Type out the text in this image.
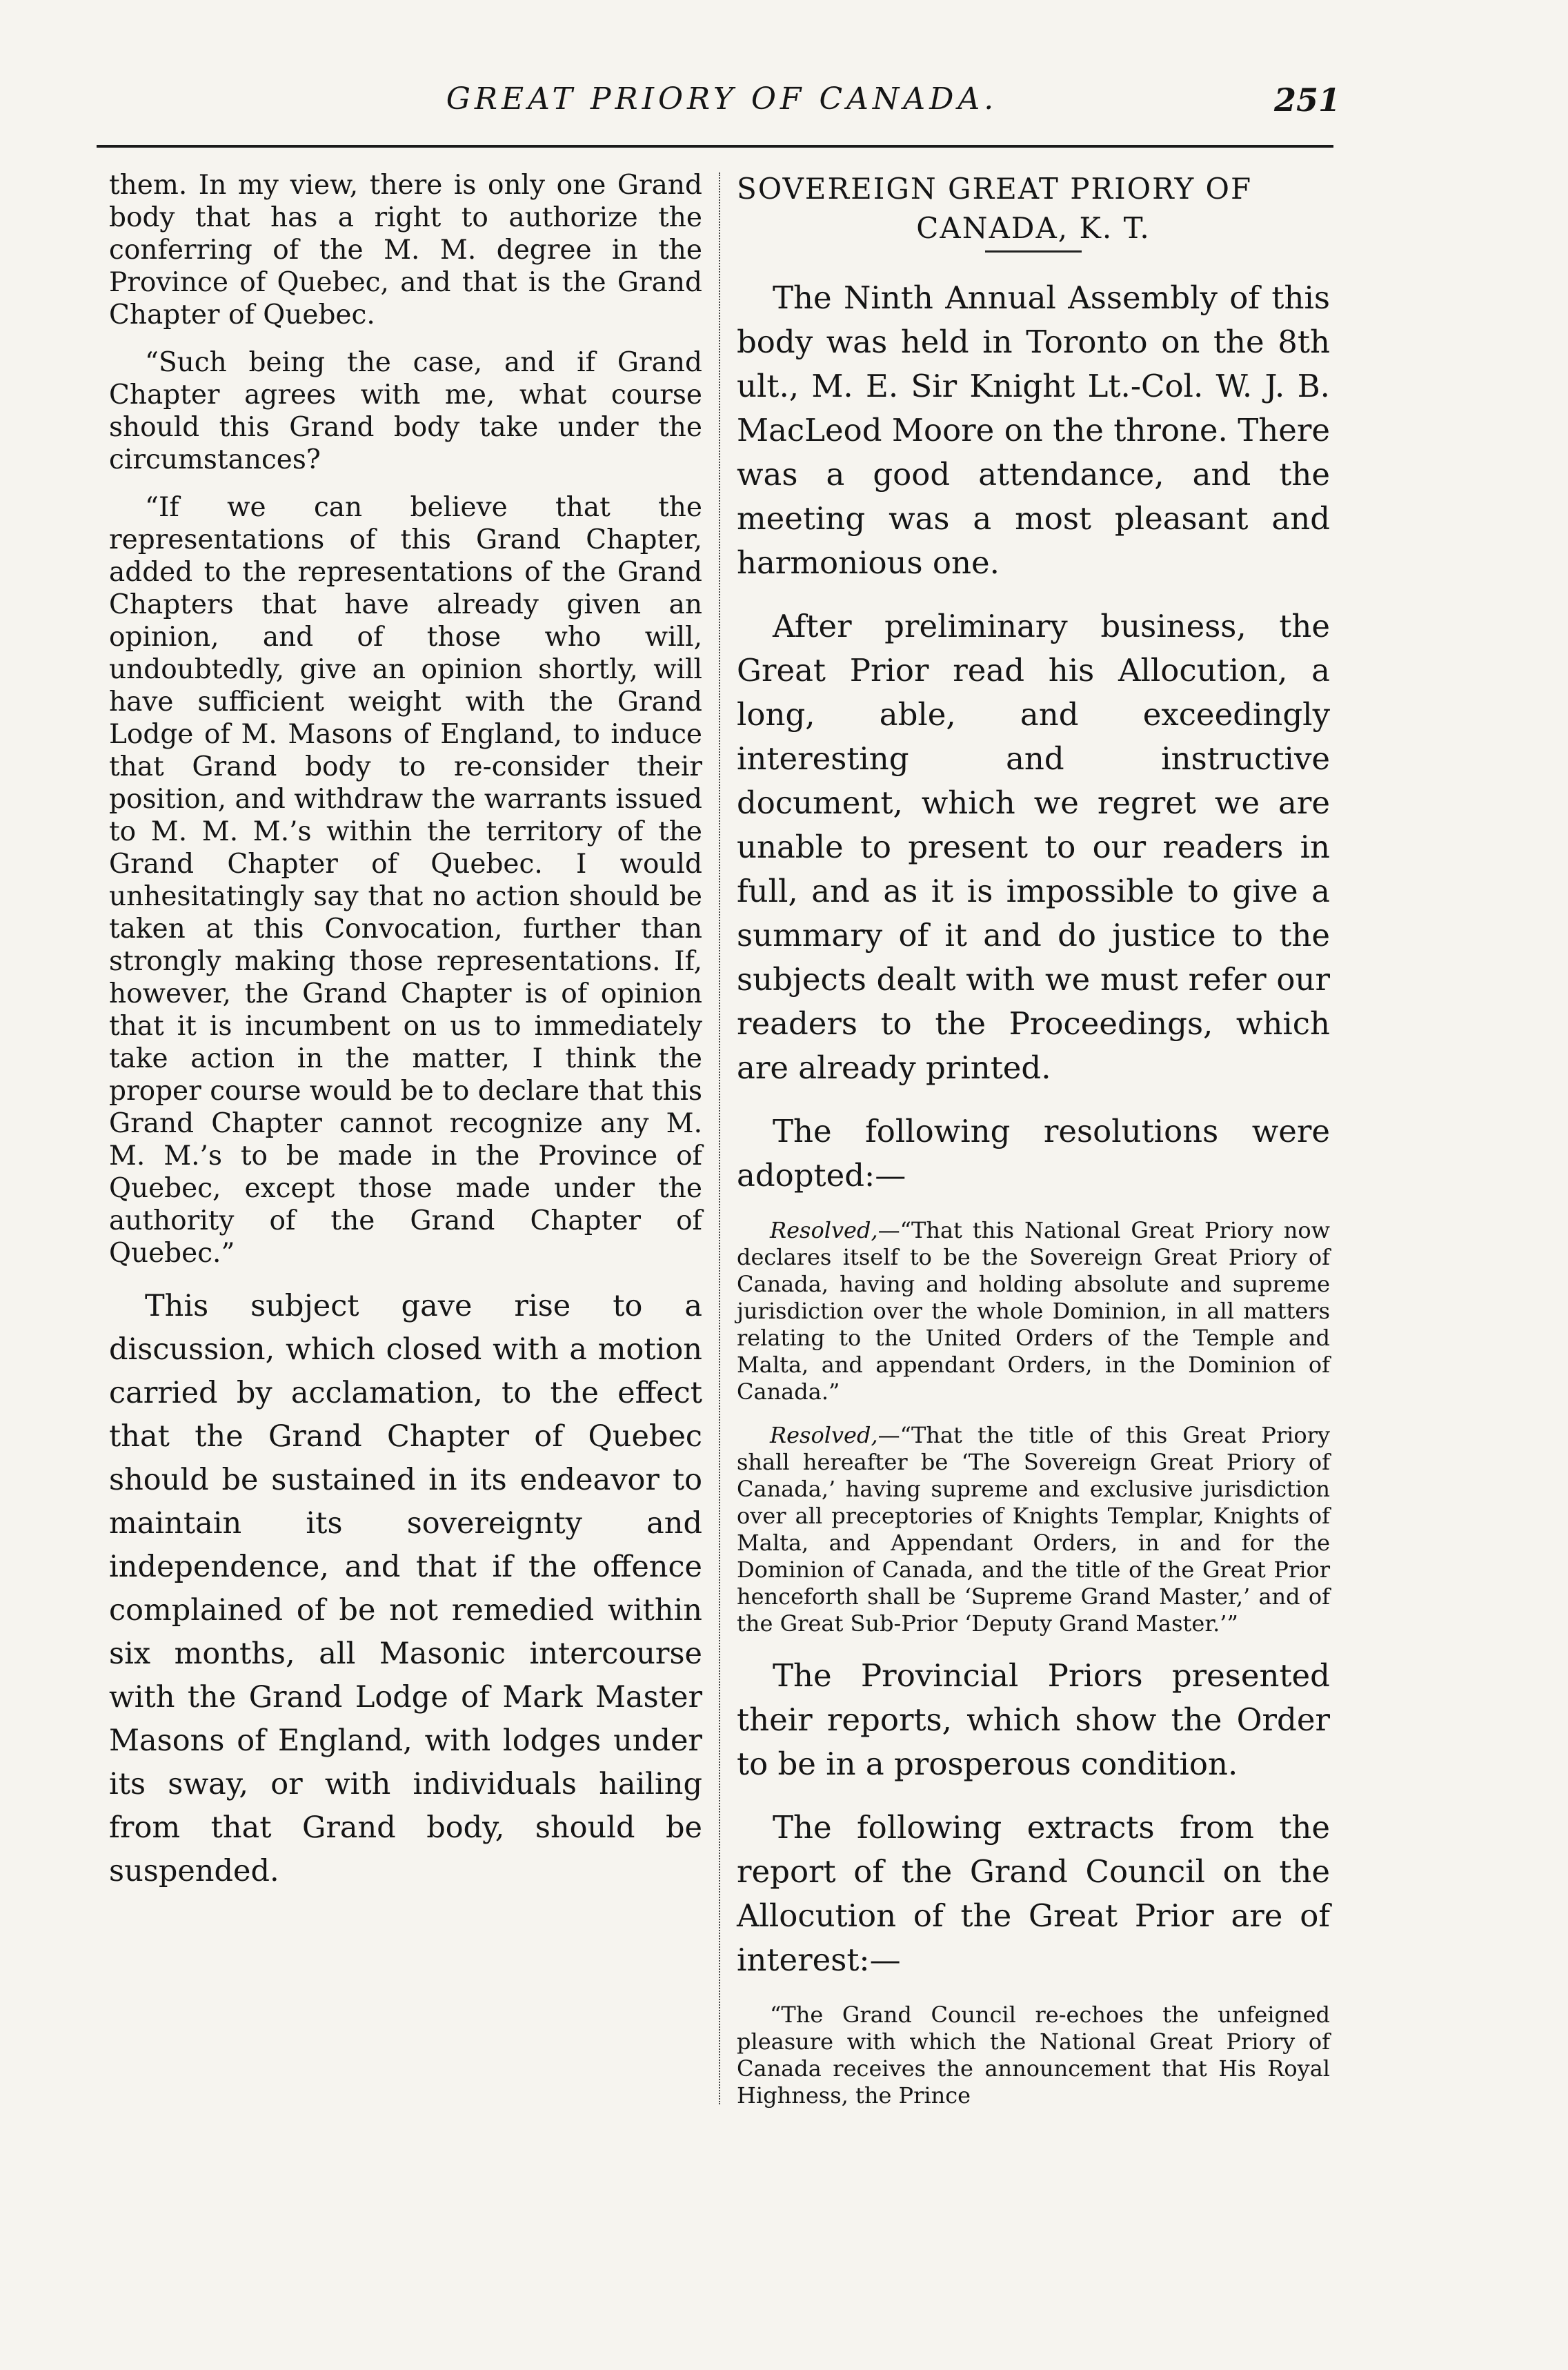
GREAT PRIORY OF CANADA.	251

them. In my view, there is only one Grand body that has a right to authorize the conferring of the M. M. degree in the Province of Quebec, and that is the Grand Chapter of Quebec.

“Such being the case, and if Grand Chapter agrees with me, what course should this Grand body take under the circumstances?

“If we can believe that the representations of this Grand Chapter, added to the representations of the Grand Chapters that have already given an opinion, and of those who will, undoubtedly, give an opinion shortly, will have sufficient weight with the Grand Lodge of M. Masons of England, to induce that Grand body to re-consider their position, and withdraw the warrants issued to M. M. M.’s within the territory of the Grand Chapter of Quebec. I would unhesitatingly say that no action should be taken at this Convocation, further than strongly making those representations. If, however, the Grand Chapter is of opinion that it is incumbent on us to immediately take action in the matter, I think the proper course would be to declare that this Grand Chapter cannot recognize any M. M. M.’s to be made in the Province of Quebec, except those made under the authority of the Grand Chapter of Quebec.”

This subject gave rise to a discussion, which closed with a motion carried by acclamation, to the effect that the Grand Chapter of Quebec should be sustained in its endeavor to maintain its sovereignty and independence, and that if the offence complained of be not remedied within six months, all Masonic intercourse with the Grand Lodge of Mark Master Masons of England, with lodges under its sway, or with individuals hailing from that Grand body, should be suspended.

SOVEREIGN GREAT PRIORY OF
CANADA, K. T.

The Ninth Annual Assembly of this body was held in Toronto on the 8th ult., M. E. Sir Knight Lt.-Col. W. J. B. MacLeod Moore on the throne. There was a good attendance, and the meeting was a most pleasant and harmonious one.

After preliminary business, the Great Prior read his Allocution, a long, able, and exceedingly interesting and instructive document, which we regret we are unable to present to our readers in full, and as it is impossible to give a summary of it and do justice to the subjects dealt with we must refer our readers to the Proceedings, which are already printed.

The following resolutions were adopted:—

Resolved,—“That this National Great Priory now declares itself to be the Sovereign Great Priory of Canada, having and holding absolute and supreme jurisdiction over the whole Dominion, in all matters relating to the United Orders of the Temple and Malta, and appendant Orders, in the Dominion of Canada.”

Resolved,—“That the title of this Great Priory shall hereafter be ‘The Sovereign Great Priory of Canada,’ having supreme and exclusive jurisdiction over all preceptories of Knights Templar, Knights of Malta, and Appendant Orders, in and for the Dominion of Canada, and the title of the Great Prior henceforth shall be ‘Supreme Grand Master,’ and of the Great Sub-Prior ‘Deputy Grand Master.’”

The Provincial Priors presented their reports, which show the Order to be in a prosperous condition.

The following extracts from the report of the Grand Council on the Allocution of the Great Prior are of interest:—

“The Grand Council re-echoes the unfeigned pleasure with which the National Great Priory of Canada receives the announcement that His Royal Highness, the Prince
